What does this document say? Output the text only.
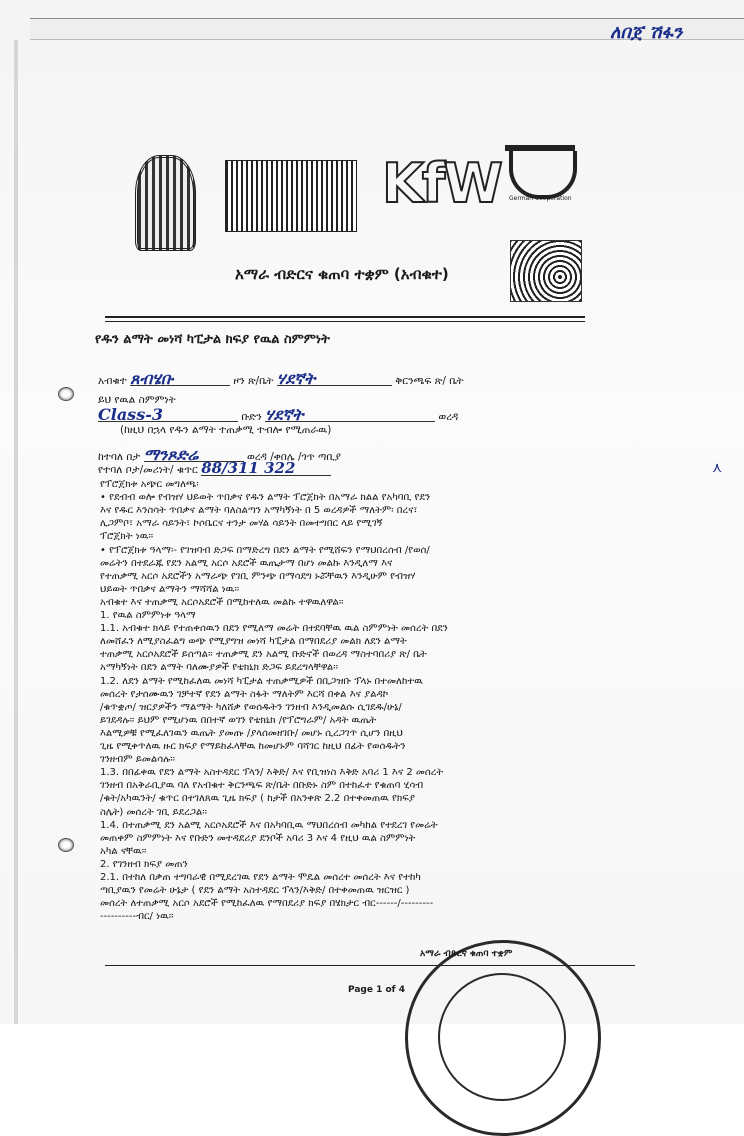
ለበጀ ሽፋን
KfW German Cooperation
አማራ ብድርና ቁጠባ ተቋም (አብቁተ)
የዱን ልማት መነሻ ካፒታል ክፍያ የዉል ስምምነት
አብቁተ ጸብሄቡ	ዞን ጽ/ቤት ሃደኛት	ቅርንጫፍ ጽ/ ቤት
ይህ የዉል ስምምነት
Class-3	ቡድን ሃደኛት	ወረዳ
(ከዚህ በኋላ የዱን ልማት ተጠቃሚ ተብሎ የሚጠራዉ)
ከተባለ በታ ማንጾድሬ	ወረዳ /ቀበሌ /ጎጥ ጣቢያ
የተባለ ቦታ/መሪነት/ ቁጥር 88/311 322
የፕሮጀክቱ አጭር መግለጫ፡
• የደብብ ወሎ የብዝሃ ህይወት ጥበቃና የዱን ልማት ፕሮጀክት በአማራ ክልል የአካባቢ የደን
እና የዱር እንስሳት ጥበቃና ልማት ባለስልጣን አማካኝነት በ 5 ወረዳዎች ማለትም፡ በረና፣
ሊጋምቦ፣ አማራ ሳይንት፣ ኮሶቤርና ተንታ መሃል ሳይንት በመተግበር ላይ የሚገኝ
ፕሮጀክት ነዉ፡፡
• የፕሮጀክቱ ዓላማ፡- የገዝባብ ድጋፍ በማድረግ በደን ልማት የሚሸፍን የማህበረሰብ /የወሰ/
መሬትን በተደራጁ የደን አልሚ አርሶ አደሮች ዉጤታማ በሆነ መልኩ እንዲለማ እና
የተጠቃሚ አርሶ አደሮችን አማራጭ የገቢ ምንጭ በማሳደግ ኑሯቸዉን እንዲሁም የብዝሃ
ህይወት ጥበቃና ልማትን ማሻሻል ነዉ፡፡
አብቁተ እና ተጠቃሚ አርሶአደሮች በሚከተለዉ መልኩ ተዋዉለዋል፡፡
1. የዉል ስምምነቱ ዓላማ
1.1. አብቁተ ክላይ የተጠቀሰዉን በደን የሚለማ መሬት በተደባቸዉ ዉል ስምምነት መሰረት በደን
ለመሸፈን ለሚያስፈልግ ወጭ የሚያግዝ መነሻ ካፒታል በማበደሪያ መልክ ለደን ልማት
ተጠቃሚ አርሶአደሮች ይሰጣል፡፡ ተጠቃሚ ደን አልሚ ቡድኖች በወረዳ ማስተባበሪያ ጽ/ ቤት
አማካኝነት በደን ልማት ባለሙያዎች የቴክኒክ ድጋፍ ይደረግላቸዋል፡፡
1.2. ለደን ልማት የሚከፈለዉ መነሻ ካፒታል ተጠቃሚዎች በቢጋዝቡ ፕላኑ በተመለከተዉ
መሰረት የታሰሙዉን ገቻተኛ የደን ልማት ስፋት ማለትም እርሻ በቀል እና ያልዳኮ
/ቁጥቋጦ/ ዝርያዎችን ማልማት ካለሸቃ የወሰዱትን ገንዘብ እንዲመልሱ ሲገደዱ/ሁኔ/
ይገደዳሉ፡፡ ይህም የሚሆነዉ በበተኛ ወገን የቴክኒክ /የፕሮግራም/ አዳት ዉጤት
እልሚዎቹ የሚፈለገዉን ዉጤት ያመጡ /ያላሰመዘገቡ/ መሆኑ ሲረጋገጥ ሲሆን በዚህ
ጊዜ የሚቀጥለዉ ዙር ክፍያ የማይከፈላቸዉ ከመሆኑም ባሻገር ከዚህ በፊት የወሰዱትን
ገንዘብም ይመልሳሉ፡፡
1.3. በበፊቀዉ የደን ልማት አስተዳደር ፕላን/ እቅድ/ እና የቢዝነስ እቅድ አባሪ 1 እና 2 መሰረት
ገንዘብ በአቅራቢያዉ ባለ የአብቁተ ቅርንጫፍ ጽ/ቤት በቡድኑ ስም በተከፈተ የቁጠባ ሂሳብ
/ቁት/አካዉንት/ ቁጥር በተገለጸዉ ጊዜ ክፍያ ( ከታች በአንቀጽ 2.2 በተቀመጠዉ የክፍያ
ስሌት) መሰረት ገቢ ይደረጋል፡፡
1.4. በተጠቃሚ ደን አልሚ አርሶአደሮች እና በአካባቢዉ ማህበረሰብ መካከል የተደረገ የመሬት
መጠቀም ስምምነት እና የቡድን መተዳደሪያ ደንቦች አባሪ 3 እና 4 የዚህ ዉል ስምምነት
አካል ናቸዉ፡፡
2. የገንዘብ ክፍያ መጠን
2.1. በተከለ በቃጠ ተግባራዊ በሚደረገዉ የደን ልማት ሞዴል መሰረተ መሰረት እና የተከካ
ጣቢያዉን የመሬት ሁኔታ ( የደን ልማት አስተዳደር ፕላን/እቅድ/ በተቀመጠዉ ዝርዝር )
መሰረት ለተጠቃሚ አርሶ አደሮች የሚከፈለዉ የማበደሪያ ክፍያ በሄክታር ብር------/---------
----------ብር/ ነዉ፡፡
⋏
Page 1 of 4
አማራ ብድርና ቁጠባ ተቋም
